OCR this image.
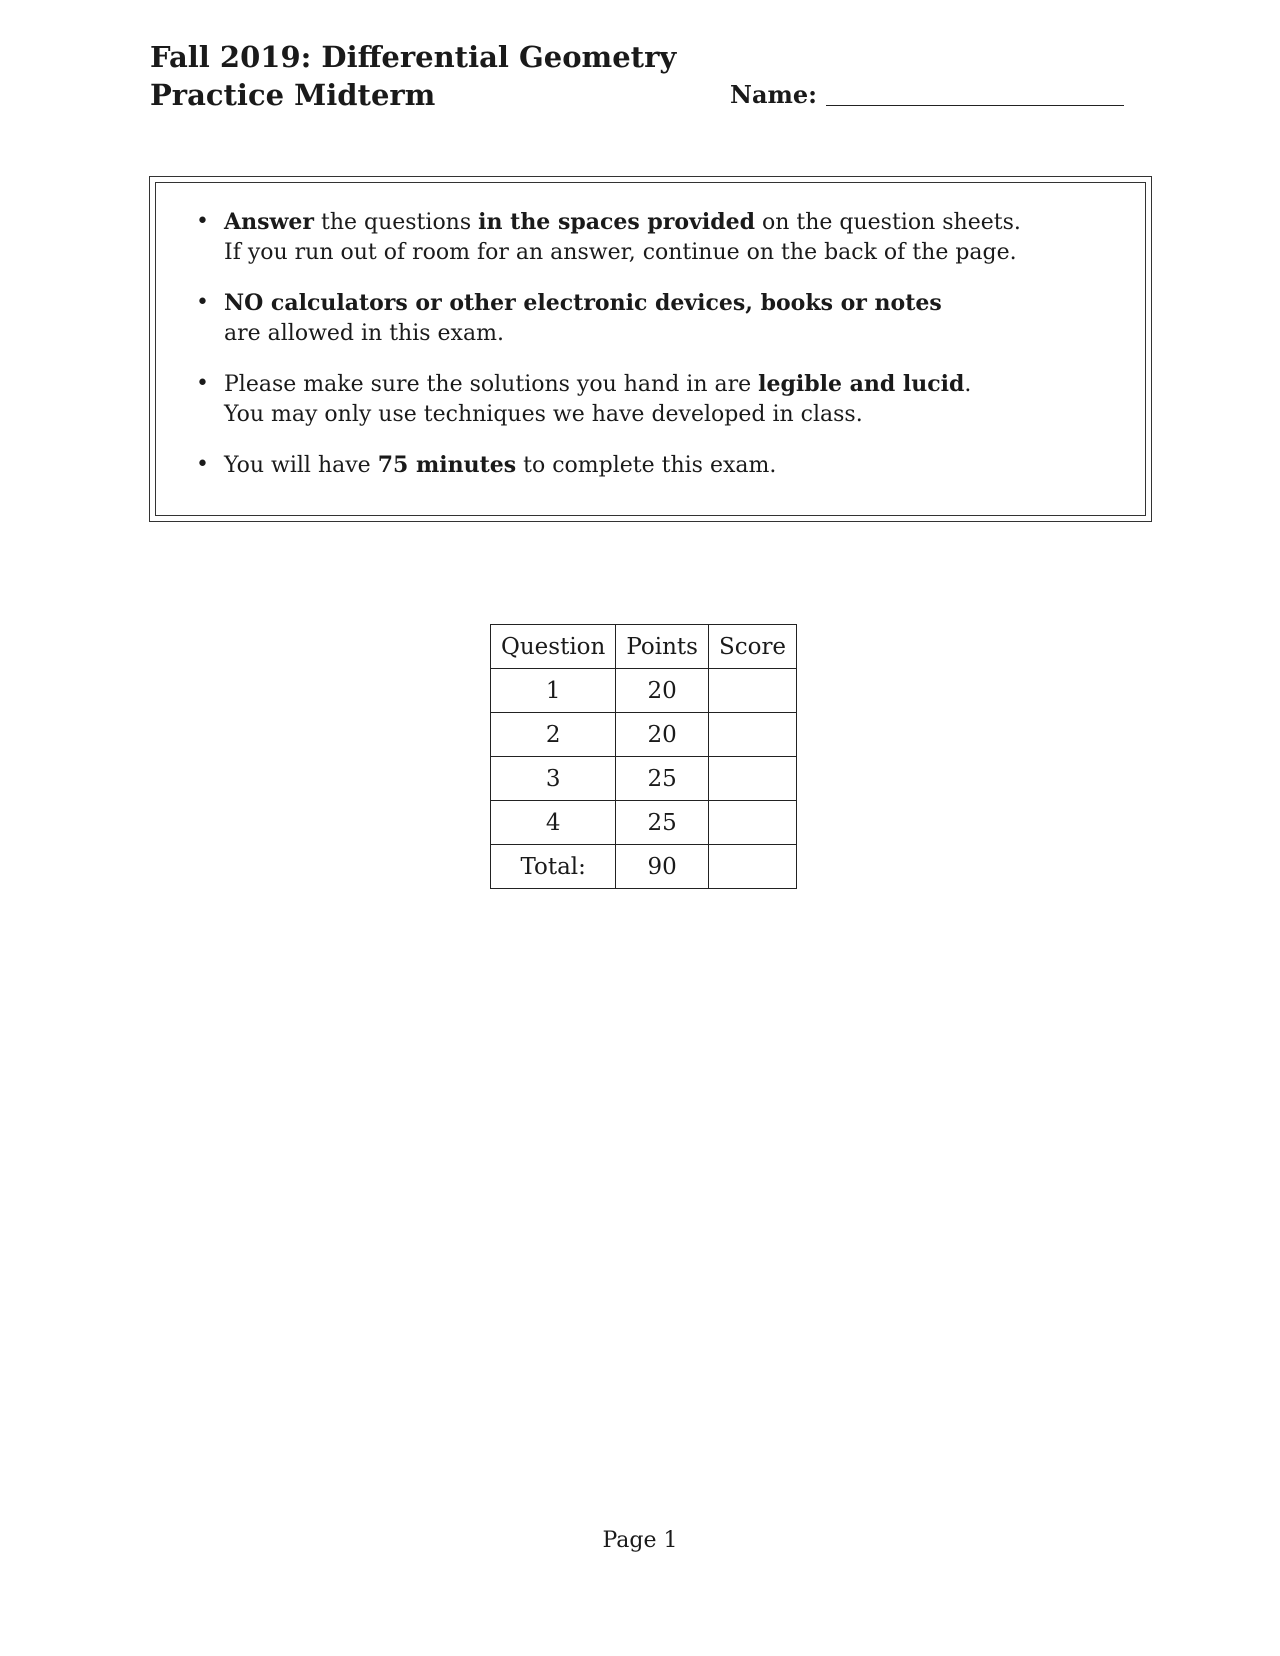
Fall 2019: Differential Geometry
Practice Midterm	Name:
• Answer the questions in the spaces provided on the question sheets.
If you run out of room for an answer, continue on the back of the page.
• NO calculators or other electronic devices, books or notes
are allowed in this exam.
• Please make sure the solutions you hand in are legible and lucid.
You may only use techniques we have developed in class.
• You will have 75 minutes to complete this exam.
Question	Points	Score
1	20	
2	20	
3	25	
4	25	
Total:	90	
Page 1
